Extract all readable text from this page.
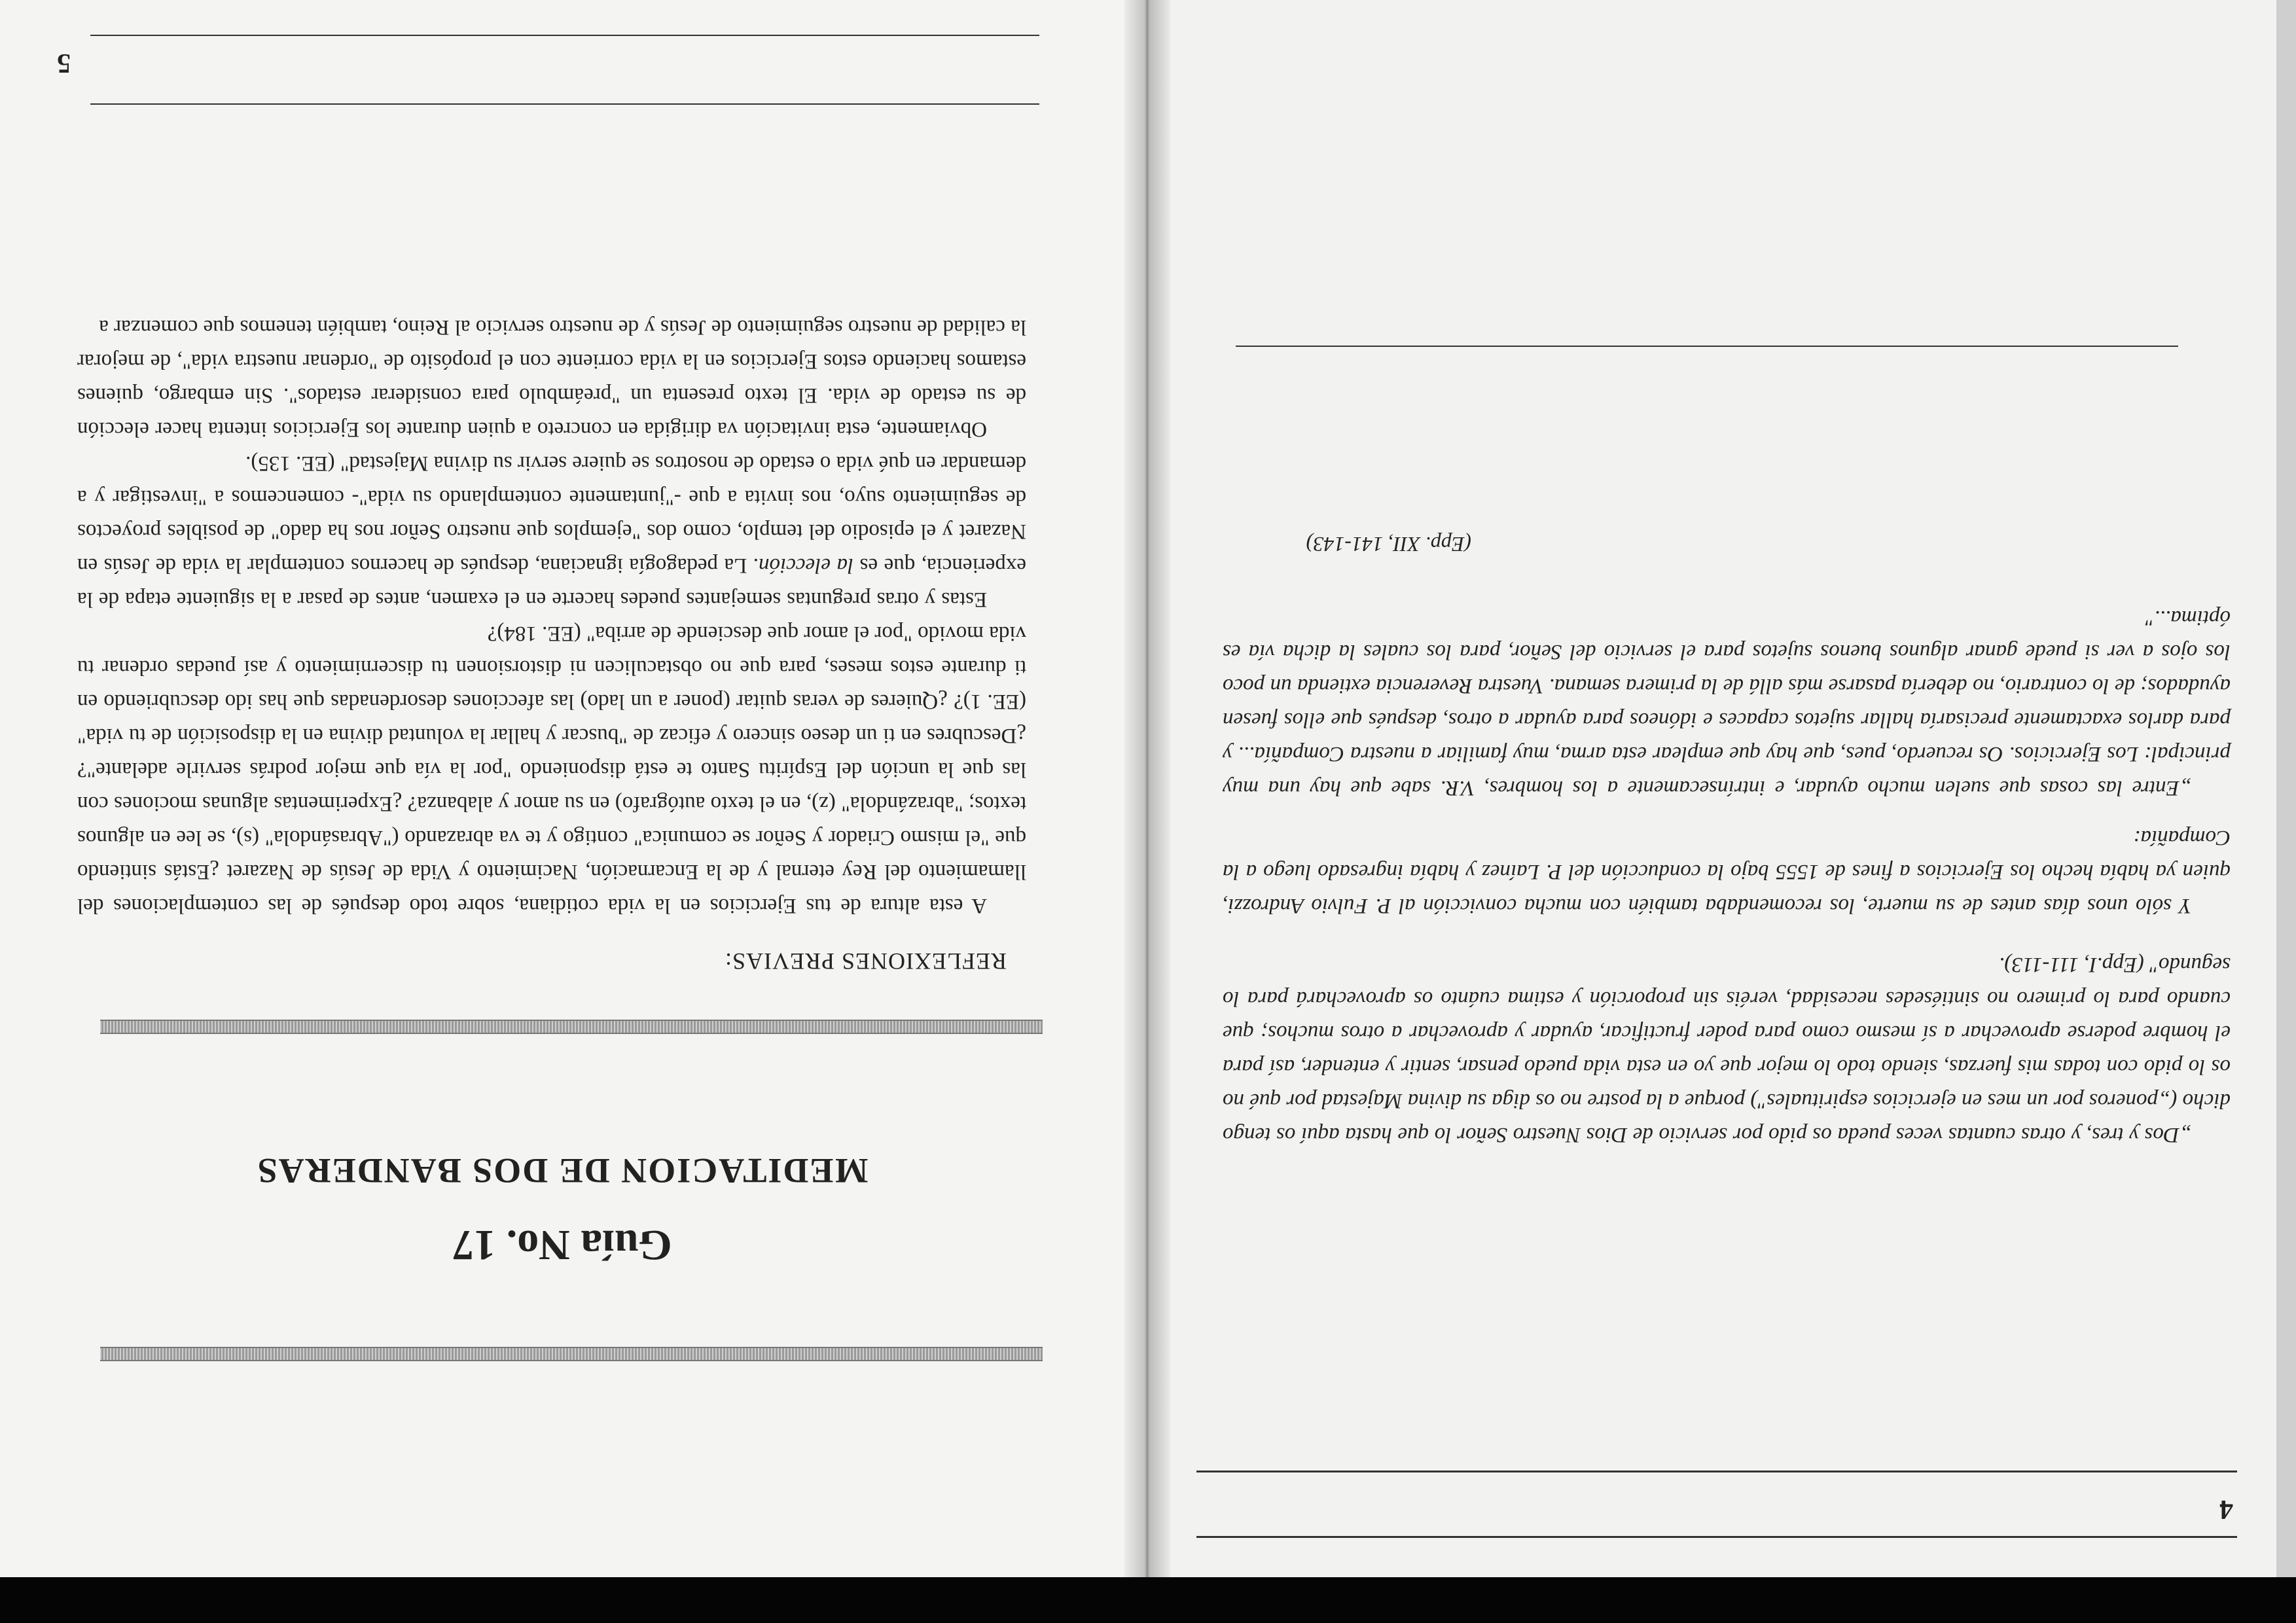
4

„Dos y tres, y otras cuantas veces pueda os pido por servicio de Dios Nuestro Señor lo que hasta aquí os tengo dicho („poneros por un mes en ejercicios espirituales") porque a la postre no os diga su divina Majestad por qué no os lo pido con todas mis fuerzas, siendo todo lo mejor que yo en esta vida puedo pensar, sentir y entender, así para el hombre poderse aprovechar a sí mesmo como para poder fructificar, ayudar y aprovechar a otros muchos; que cuando para lo primero no sintiésedes necesidad, veréis sin proporción y estima cuánto os aprovechará para lo segundo" (Epp.I, 111-113).

Y sólo unos días antes de su muerte, los recomendaba también con mucha convicción al P. Fulvio Androzzi, quien ya había hecho los Ejercicios a fines de 1555 bajo la conducción del P. Laínez y había ingresado luego a la Compañía:

„Entre las cosas que suelen mucho ayudar, e intrínsecamente a los hombres, V.R. sabe que hay una muy principal: Los Ejercicios. Os recuerdo, pues, que hay que emplear esta arma, muy familiar a nuestra Compañía... y para darlos exactamente precisaría hallar sujetos capaces e idóneos para ayudar a otros, después que ellos fuesen ayudados; de lo contrario, no debería pasarse más allá de la primera semana. Vuestra Reverencia extienda un poco los ojos a ver si puede ganar algunos buenos sujetos para el servicio del Señor, para los cuales la dicha vía es óptima..."

(Epp. XII, 141-143)
Guía No. 17
MEDITACION DE DOS BANDERAS
REFLEXIONES PREVIAS:

A esta altura de tus Ejercicios en la vida cotidiana, sobre todo después de las contemplaciones del llamamiento del Rey eternal y de la Encarnación, Nacimiento y Vida de Jesús de Nazaret ¿Estás sintiendo que "el mismo Criador y Señor se comunica" contigo y te va abrazando ("Abrasándola" (s), se lee en algunos textos; "abrazándola" (z), en el texto autógrafo) en su amor y alabanza? ¿Experimentas algunas mociones con las que la unción del Espíritu Santo te está disponiendo "por la vía que mejor podrás servirle adelante"? ¿Descubres en ti un deseo sincero y eficaz de "buscar y hallar la voluntad divina en la disposición de tu vida" (EE. 1)? ¿Quieres de veras quitar (poner a un lado) las afecciones desordenadas que has ido descubriendo en ti durante estos meses, para que no obstaculicen ni distorsionen tu discernimiento y así puedas ordenar tu vida movido "por el amor que desciende de arriba" (EE. 184)?

Estas y otras preguntas semejantes puedes hacerte en el examen, antes de pasar a la siguiente etapa de la experiencia, que es la elección. La pedagogía ignaciana, después de hacernos contemplar la vida de Jesús en Nazaret y el episodio del templo, como dos "ejemplos que nuestro Señor nos ha dado" de posibles proyectos de seguimiento suyo, nos invita a que -"juntamente contemplando su vida"- comencemos a "investigar y a demandar en qué vida o estado de nosotros se quiere servir su divina Majestad" (EE. 135).

Obviamente, esta invitación va dirigida en concreto a quien durante los Ejercicios intenta hacer elección de su estado de vida. El texto presenta un "preámbulo para considerar estados". Sin embargo, quienes estamos haciendo estos Ejercicios en la vida corriente con el propósito de "ordenar nuestra vida", de mejorar la calidad de nuestro seguimiento de Jesús y de nuestro servicio al Reino, también tenemos que comenzar a

5
